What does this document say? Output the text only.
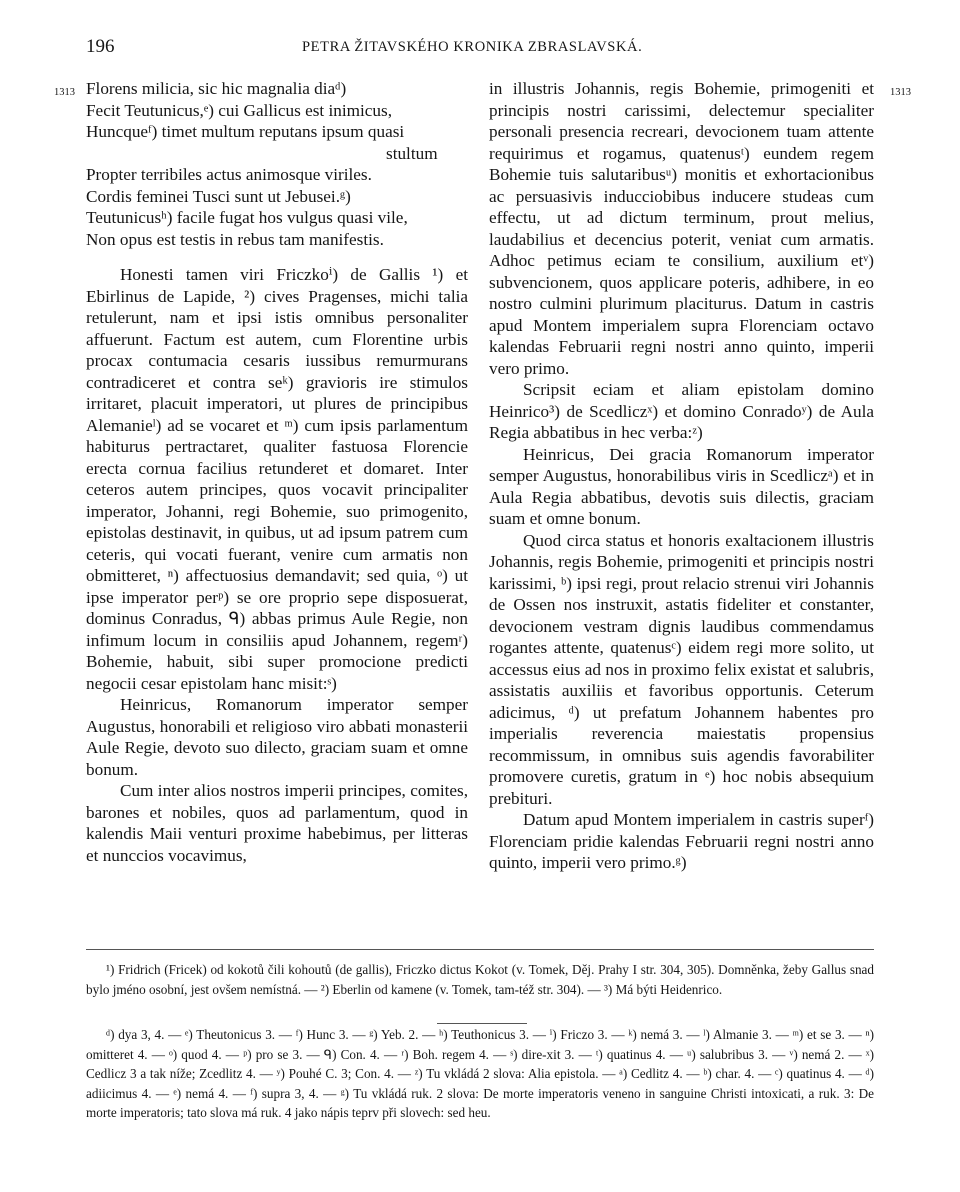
196	PETRA ŽITAVSKÉHO KRONIKA ZBRASLAVSKÁ.
1313	1313
Florens milicia, sic hic magnalia diaᵈ)
Fecit Teutunicus,ᵉ) cui Gallicus est inimicus,
Huncqueᶠ) timet multum reputans ipsum quasi
stultum
Propter terribiles actus animosque viriles.
Cordis feminei Tusci sunt ut Jebusei.ᵍ)
Teutunicusʰ) facile fugat hos vulgus quasi vile,
Non opus est testis in rebus tam manifestis.

Honesti tamen viri Friczkoⁱ) de Gallis ¹) et Ebirlinus de Lapide, ²) cives Pragenses, michi talia retulerunt, nam et ipsi istis omnibus personaliter affuerunt. Factum est autem, cum Florentine urbis procax contumacia cesaris iussibus remurmurans contradiceret et contra seᵏ) gravioris ire stimulos irritaret, placuit imperatori, ut plures de principibus Alemanieˡ) ad se vocaret et ᵐ) cum ipsis parlamentum habiturus pertractaret, qualiter fastuosa Florencie erecta cornua facilius retunderet et domaret. Inter ceteros autem principes, quos vocavit principaliter imperator, Johanni, regi Bohemie, suo primogenito, epistolas destinavit, in quibus, ut ad ipsum patrem cum ceteris, qui vocati fuerant, venire cum armatis non obmitteret, ⁿ) affectuosius demandavit; sed quia, ᵒ) ut ipse imperator perᵖ) se ore proprio sepe disposuerat, dominus Conradus, ᑫ) abbas primus Aule Regie, non infimum locum in consiliis apud Johannem, regemʳ) Bohemie, habuit, sibi super promocione predicti negocii cesar epistolam hanc misit:ˢ)

Heinricus, Romanorum imperator semper Augustus, honorabili et religioso viro abbati monasterii Aule Regie, devoto suo dilecto, graciam suam et omne bonum.

Cum inter alios nostros imperii principes, comites, barones et nobiles, quos ad parlamentum, quod in kalendis Maii venturi proxime habebimus, per litteras et nunccios vocavimus,

in illustris Johannis, regis Bohemie, primogeniti et principis nostri carissimi, delectemur specialiter personali presencia recreari, devocionem tuam attente requirimus et rogamus, quatenusᵗ) eundem regem Bohemie tuis salutaribusᵘ) monitis et exhortacionibus ac persuasivis inducciobibus inducere studeas cum effectu, ut ad dictum terminum, prout melius, laudabilius et decencius poterit, veniat cum armatis. Adhoc petimus eciam te consilium, auxilium etᵛ) subvencionem, quos applicare poteris, adhibere, in eo nostro culmini plurimum placiturus. Datum in castris apud Montem imperialem supra Florenciam octavo kalendas Februarii regni nostri anno quinto, imperii vero primo.

Scripsit eciam et aliam epistolam domino Heinrico³) de Scedliczˣ) et domino Conradoʸ) de Aula Regia abbatibus in hec verba:ᶻ)

Heinricus, Dei gracia Romanorum imperator semper Augustus, honorabilibus viris in Scedliczᵃ) et in Aula Regia abbatibus, devotis suis dilectis, graciam suam et omne bonum.

Quod circa status et honoris exaltacionem illustris Johannis, regis Bohemie, primogeniti et principis nostri karissimi, ᵇ) ipsi regi, prout relacio strenui viri Johannis de Ossen nos instruxit, astatis fideliter et constanter, devocionem vestram dignis laudibus commendamus rogantes attente, quatenusᶜ) eidem regi more solito, ut accessus eius ad nos in proximo felix existat et salubris, assistatis auxiliis et favoribus opportunis. Ceterum adicimus, ᵈ) ut prefatum Johannem habentes pro imperialis reverencia maiestatis propensius recommissum, in omnibus suis agendis favorabiliter promovere curetis, gratum in ᵉ) hoc nobis absequium prebituri.

Datum apud Montem imperialem in castris superᶠ) Florenciam pridie kalendas Februarii regni nostri anno quinto, imperii vero primo.ᵍ)

¹) Fridrich (Fricek) od kokotů čili kohoutů (de gallis), Friczko dictus Kokot (v. Tomek, Děj. Prahy I str. 304, 305). Domněnka, žeby Gallus snad bylo jméno osobní, jest ovšem nemístná. — ²) Eberlin od kamene (v. Tomek, tam-též str. 304). — ³) Má býti Heidenrico.

ᵈ) dya 3, 4. — ᵉ) Theutonicus 3. — ᶠ) Hunc 3. — ᵍ) Yeb. 2. — ʰ) Teuthonicus 3. — ⁱ) Friczo 3. — ᵏ) nemá 3. — ˡ) Almanie 3. — ᵐ) et se 3. — ⁿ) omitteret 4. — ᵒ) quod 4. — ᵖ) pro se 3. — ᑫ) Con. 4. — ʳ) Boh. regem 4. — ˢ) dire-xit 3. — ᵗ) quatinus 4. — ᵘ) salubribus 3. — ᵛ) nemá 2. — ˣ) Cedlicz 3 a tak níže; Zcedlitz 4. — ʸ) Pouhé C. 3; Con. 4. — ᶻ) Tu vkládá 2 slova: Alia epistola. — ᵃ) Cedlitz 4. — ᵇ) char. 4. — ᶜ) quatinus 4. — ᵈ) adiicimus 4. — ᵉ) nemá 4. — ᶠ) supra 3, 4. — ᵍ) Tu vkládá ruk. 2 slova: De morte imperatoris veneno in sanguine Christi intoxicati, a ruk. 3: De morte imperatoris; tato slova má ruk. 4 jako nápis teprv při slovech: sed heu.
